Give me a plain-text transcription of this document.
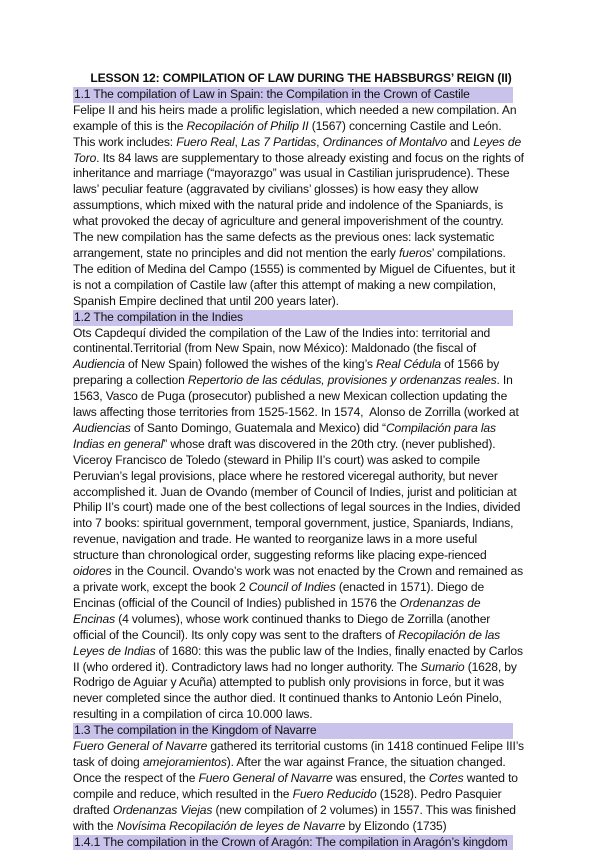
LESSON 12: COMPILATION OF LAW DURING THE HABSBURGS’ REIGN (II)

1.1 The compilation of Law in Spain: the Compilation in the Crown of Castile

Felipe II and his heirs made a prolific legislation, which needed a new compilation. An example of this is the Recopilación of Philip II (1567) concerning Castile and León. This work includes: Fuero Real, Las 7 Partidas, Ordinances of Montalvo and Leyes de Toro. Its 84 laws are supplementary to those already existing and focus on the rights of inheritance and marriage (“mayorazgo” was usual in Castilian jurisprudence). These laws’ peculiar feature (aggravated by civilians’ glosses) is how easy they allow assumptions, which mixed with the natural pride and indolence of the Spaniards, is what provoked the decay of agriculture and general impoverishment of the country. The new compilation has the same defects as the previous ones: lack systematic arrangement, state no principles and did not mention the early fueros’ compilations. The edition of Medina del Campo (1555) is commented by Miguel de Cifuentes, but it is not a compilation of Castile law (after this attempt of making a new compilation, Spanish Empire declined that until 200 years later).

1.2 The compilation in the Indies

Ots Capdequí divided the compilation of the Law of the Indies into: territorial and continental.Territorial (from New Spain, now México): Maldonado (the fiscal of Audiencia of New Spain) followed the wishes of the king’s Real Cédula of 1566 by preparing a collection Repertorio de las cédulas, provisiones y ordenanzas reales. In 1563, Vasco de Puga (prosecutor) published a new Mexican collection updating the laws affecting those territories from 1525-1562. In 1574,  Alonso de Zorrilla (worked at Audiencias of Santo Domingo, Guatemala and Mexico) did “Compilación para las Indias en general” whose draft was discovered in the 20th ctry. (never published). Viceroy Francisco de Toledo (steward in Philip II’s court) was asked to compile Peruvian’s legal provisions, place where he restored viceregal authority, but never accomplished it. Juan de Ovando (member of Council of Indies, jurist and politician at Philip II’s court) made one of the best collections of legal sources in the Indies, divided into 7 books: spiritual government, temporal government, justice, Spaniards, Indians, revenue, navigation and trade. He wanted to reorganize laws in a more useful structure than chronological order, suggesting reforms like placing expe-rienced oidores in the Council. Ovando’s work was not enacted by the Crown and remained as a private work, except the book 2 Council of Indies (enacted in 1571). Diego de Encinas (official of the Council of Indies) published in 1576 the Ordenanzas de Encinas (4 volumes), whose work continued thanks to Diego de Zorrilla (another official of the Council). Its only copy was sent to the drafters of Recopilación de las Leyes de Indias of 1680: this was the public law of the Indies, finally enacted by Carlos II (who ordered it). Contradictory laws had no longer authority. The Sumario (1628, by Rodrigo de Aguiar y Acuña) attempted to publish only provisions in force, but it was never completed since the author died. It continued thanks to Antonio León Pinelo, resulting in a compilation of circa 10.000 laws.

1.3 The compilation in the Kingdom of Navarre

Fuero General of Navarre gathered its territorial customs (in 1418 continued Felipe III’s task of doing amejoramientos). After the war against France, the situation changed. Once the respect of the Fuero General of Navarre was ensured, the Cortes wanted to compile and reduce, which resulted in the Fuero Reducido (1528). Pedro Pasquier drafted Ordenanzas Viejas (new compilation of 2 volumes) in 1557. This was finished with the Novísima Recopilación de leyes de Navarre by Elizondo (1735)

1.4.1 The compilation in the Crown of Aragón: The compilation in Aragón’s kingdom
